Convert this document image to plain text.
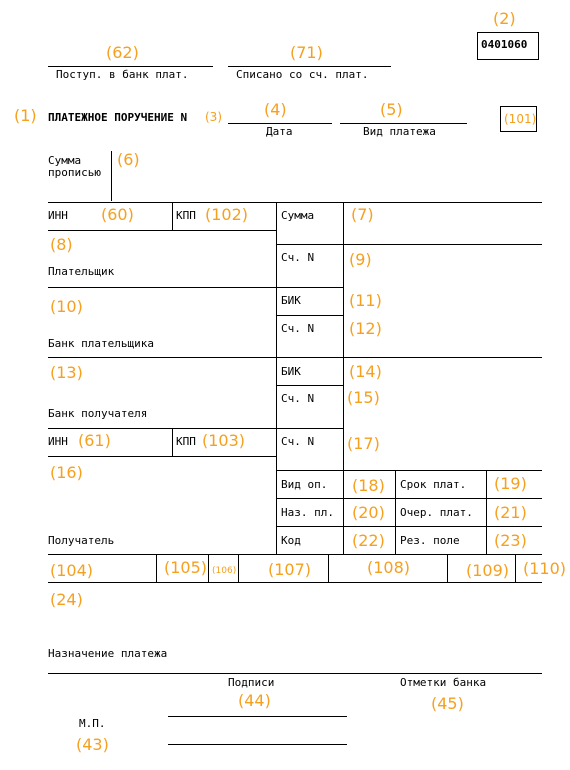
(2)
0401060
(62)
Поступ. в банк плат.
(71)
Списано со сч. плат.
(1) ПЛАТЕЖНОЕ ПОРУЧЕНИЕ N (3)	(4)
Дата
(5)
Вид платежа
(101)
Сумма прописью
(6)
ИНН (60)	КПП (102)	Сумма (7)
(8)
Сч. N (9)
Плательщик
(10)	БИК	(11)
Сч. N (12)
Банк плательщика
(13)	БИК	(14)
Сч. N (15)
Банк получателя
ИНН (61)	КПП (103)	Сч. N (17)
(16)
Вид оп. (18) Срок плат. (19)
Наз. пл. (20) Очер. плат. (21)
Получатель	Код	(22) Рез. поле (23)
(104)	(105) (106) (107)	(108)	(109) (110)
(24)
Назначение платежа
Подписи	Отметки банка
(44)	(45)
М.П.
(43)
